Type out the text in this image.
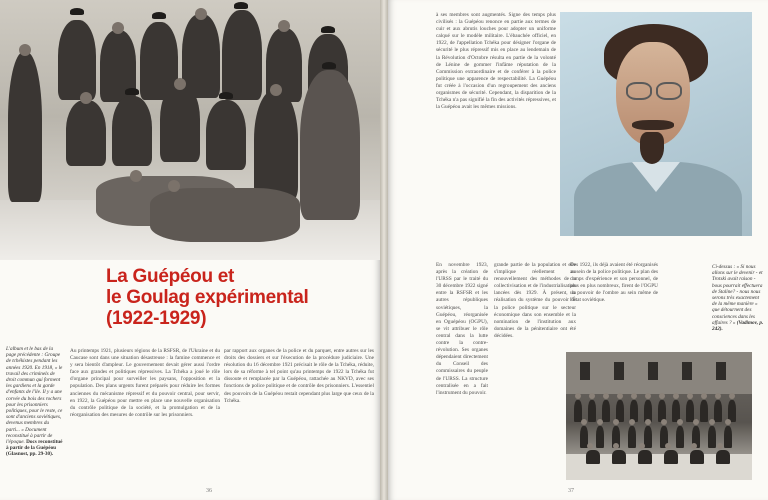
La Guépéou et
le Goulag expérimental
(1922-1929)
L'album et le bas de la page précédente : Groupe de tchékistes pendant les années 1920. En 1918, « le travail des criminels de droit commun qui forment les gardiens et la garde d'enfants de l'ile. Il y a une corvée du bois des rochers pour les prisonniers politiques, pour le reste, ce sont d'anciens soviétiques, devenus membres du parti... » Document reconstitué à partir de l'époque. Docs reconstitué à partir de la Guépéou (Glasnost, pp. 29-30).
Au printemps 1921, plusieurs régions de la RSFSR, de l'Ukraine et du Caucase sont dans une situation désastreuse : la famine commence et y sera bientôt d'ampleur. Le gouvernement devait gérer aussi l'ordre face aux grandes et politiques répressives. La Tchéka a joué le rôle d'organe principal pour surveiller les paysans, l'opposition et la population. Des plans urgents furent préparés pour réduire les formes anciennes du mécanisme répressif et du pouvoir central, pour servir, en 1922, la Guépéou pour mettre en place une nouvelle organisation du contrôle politique de la société, et la promulgation et de la réorganisation des mesures de contrôle sur les prisonniers.
par rapport aux organes de la police et du parquet, entre autres sur les droits des dossiers et sur l'éxecution de la procédure judiciaire. Une résolution du 16 décembre 1921 précisait le rôle de la Tchéka, réduite, lors de sa réforme à tel point qu'au printemps de 1922 la Tchéka fut dissoute et remplacée par la Guépéou, rattachée au NKVD, avec ses fonctions de police politique et de contrôle des prisonniers. L'essentiel des pouvoirs de la Guépéou restait cependant plus large que ceux de la Tchéka.
36
à ses membres sont augmentés. Signe des temps plus civilisés : la Guépéou renonce en partie aux termes de cuir et aux abrutis louches pour adopter un uniforme calqué sur le modèle militaire. L'ébauchée officiel, en 1922, de l'appellation Tchéka pour désigner l'organe de sécurité le plus répressif mis en place au lendemain de la Révolution d'Octobre résulta en partie de la volonté de Lénine de gommer l'infâme réputation de la Commission extraordinaire et de conférer à la police politique une apparence de respectabilité. La Guépéou fut créée à l'occasion d'un regroupement des anciens organismes de sécurité. Cependant, la disparition de la Tchéka n'a pas signifié la fin des activités répressives, et la Guépéou avait les mêmes missions.
En novembre 1923, après la création de l'URSS par le traité du 30 décembre 1922 signé entre la RSFSR et les autres républiques soviétiques, la Guépéou, réorganisée en Oguépéou (OGPU), se vit attribuer le rôle central dans la lutte contre la contre-révolution. Ses organes dépendaient directement du Conseil des commissaires du peuple de l'URSS. La structure centralisée en a fait l'instrument du pouvoir.
grande partie de la population et elle s'implique réellement au renouvellement des méthodes de la collectivisation et de l'industrialisation lancées dès 1929. À présent, la réalisation du système du pouvoir de la police politique sur le secteur économique dans son ensemble et la nomination de l'institution aux domaines de la pénitentiaire ont été décidées.
Des 1922, ils déjà avaient été réorganisés au sein de la police politique. Le plan des camps d'expérience et son personnel, de plus en plus nombreux, firent de l'OGPU un pouvoir de l'ombre au sein même de l'État soviétique.
Ci-dessus : « Si nous allons sur le devenir - et Trotski avait raison - bous pourrait effectuera de Staline? - nous nous serons très exactement de la même manière » que détournent des consciences dans les affaires ? » (Vadimov, p. 242).
37
